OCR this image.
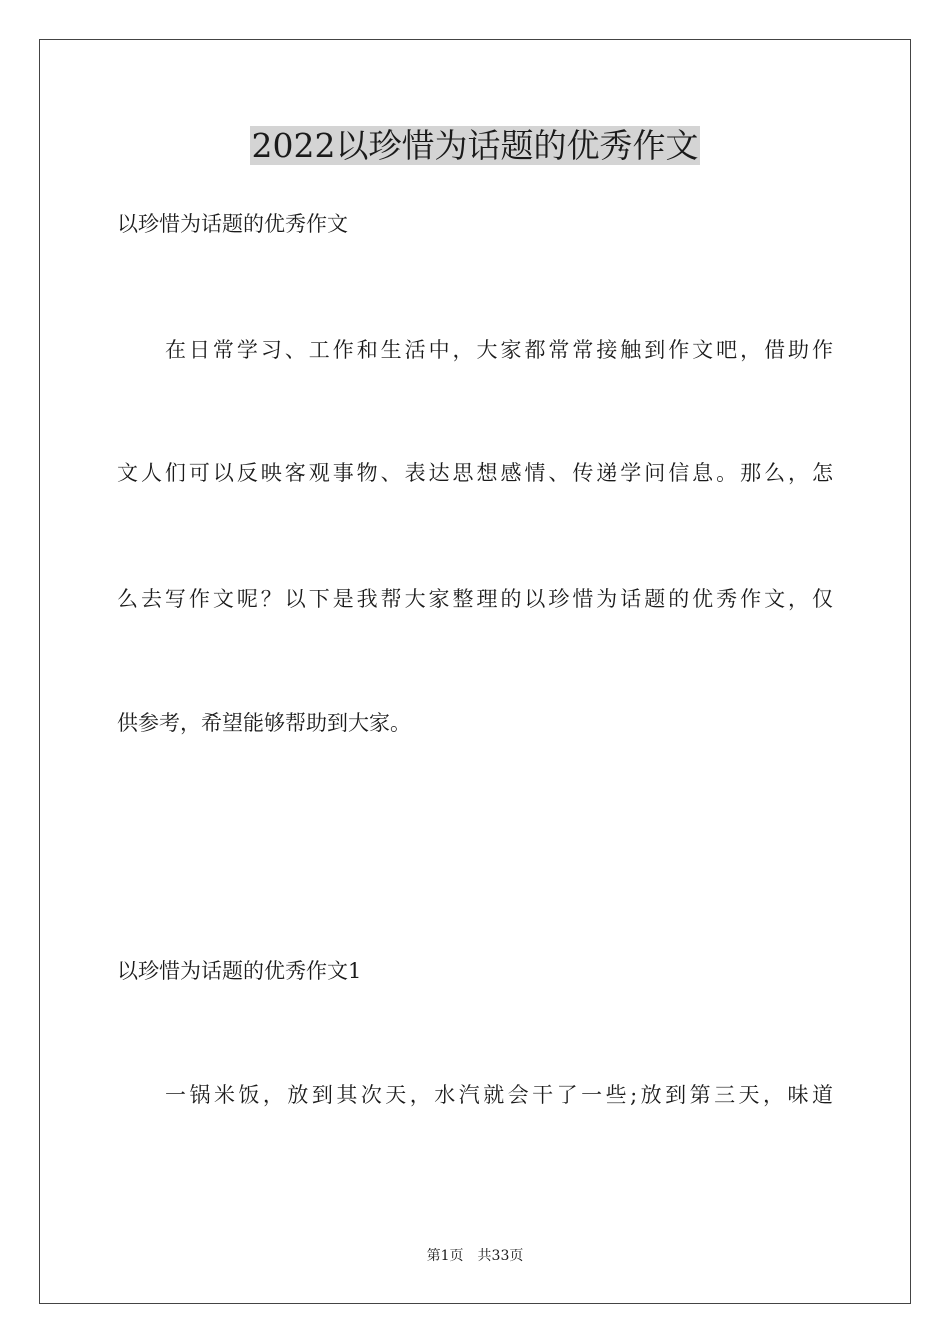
2022以珍惜为话题的优秀作文

以珍惜为话题的优秀作文

在日常学习、工作和生活中，大家都常常接触到作文吧，借助作

文人们可以反映客观事物、表达思想感情、传递学问信息。那么，怎

么去写作文呢？以下是我帮大家整理的以珍惜为话题的优秀作文，仅

供参考，希望能够帮助到大家。

以珍惜为话题的优秀作文1

一锅米饭，放到其次天，水汽就会干了一些;放到第三天，味道

第1页 共33页
